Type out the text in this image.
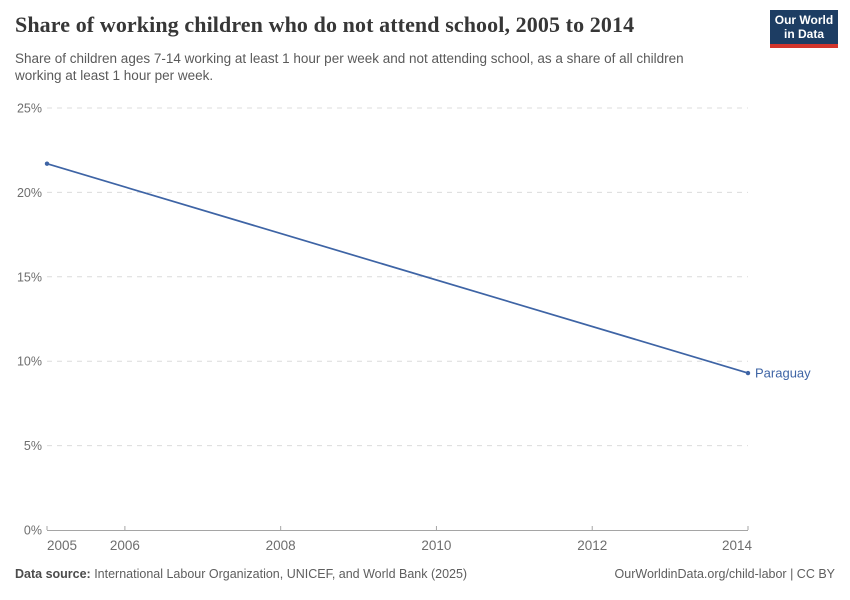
Share of working children who do not attend school, 2005 to 2014

Share of children ages 7-14 working at least 1 hour per week and not attending school, as a share of all children working at least 1 hour per week.

Our World
in Data
0%
5%
10%
15%
20%
25%
2005 2006	2008	2010	2012	2014
Paraguay
Data source: International Labour Organization, UNICEF, and World Bank (2025)	OurWorldinData.org/child-labor | CC BY
